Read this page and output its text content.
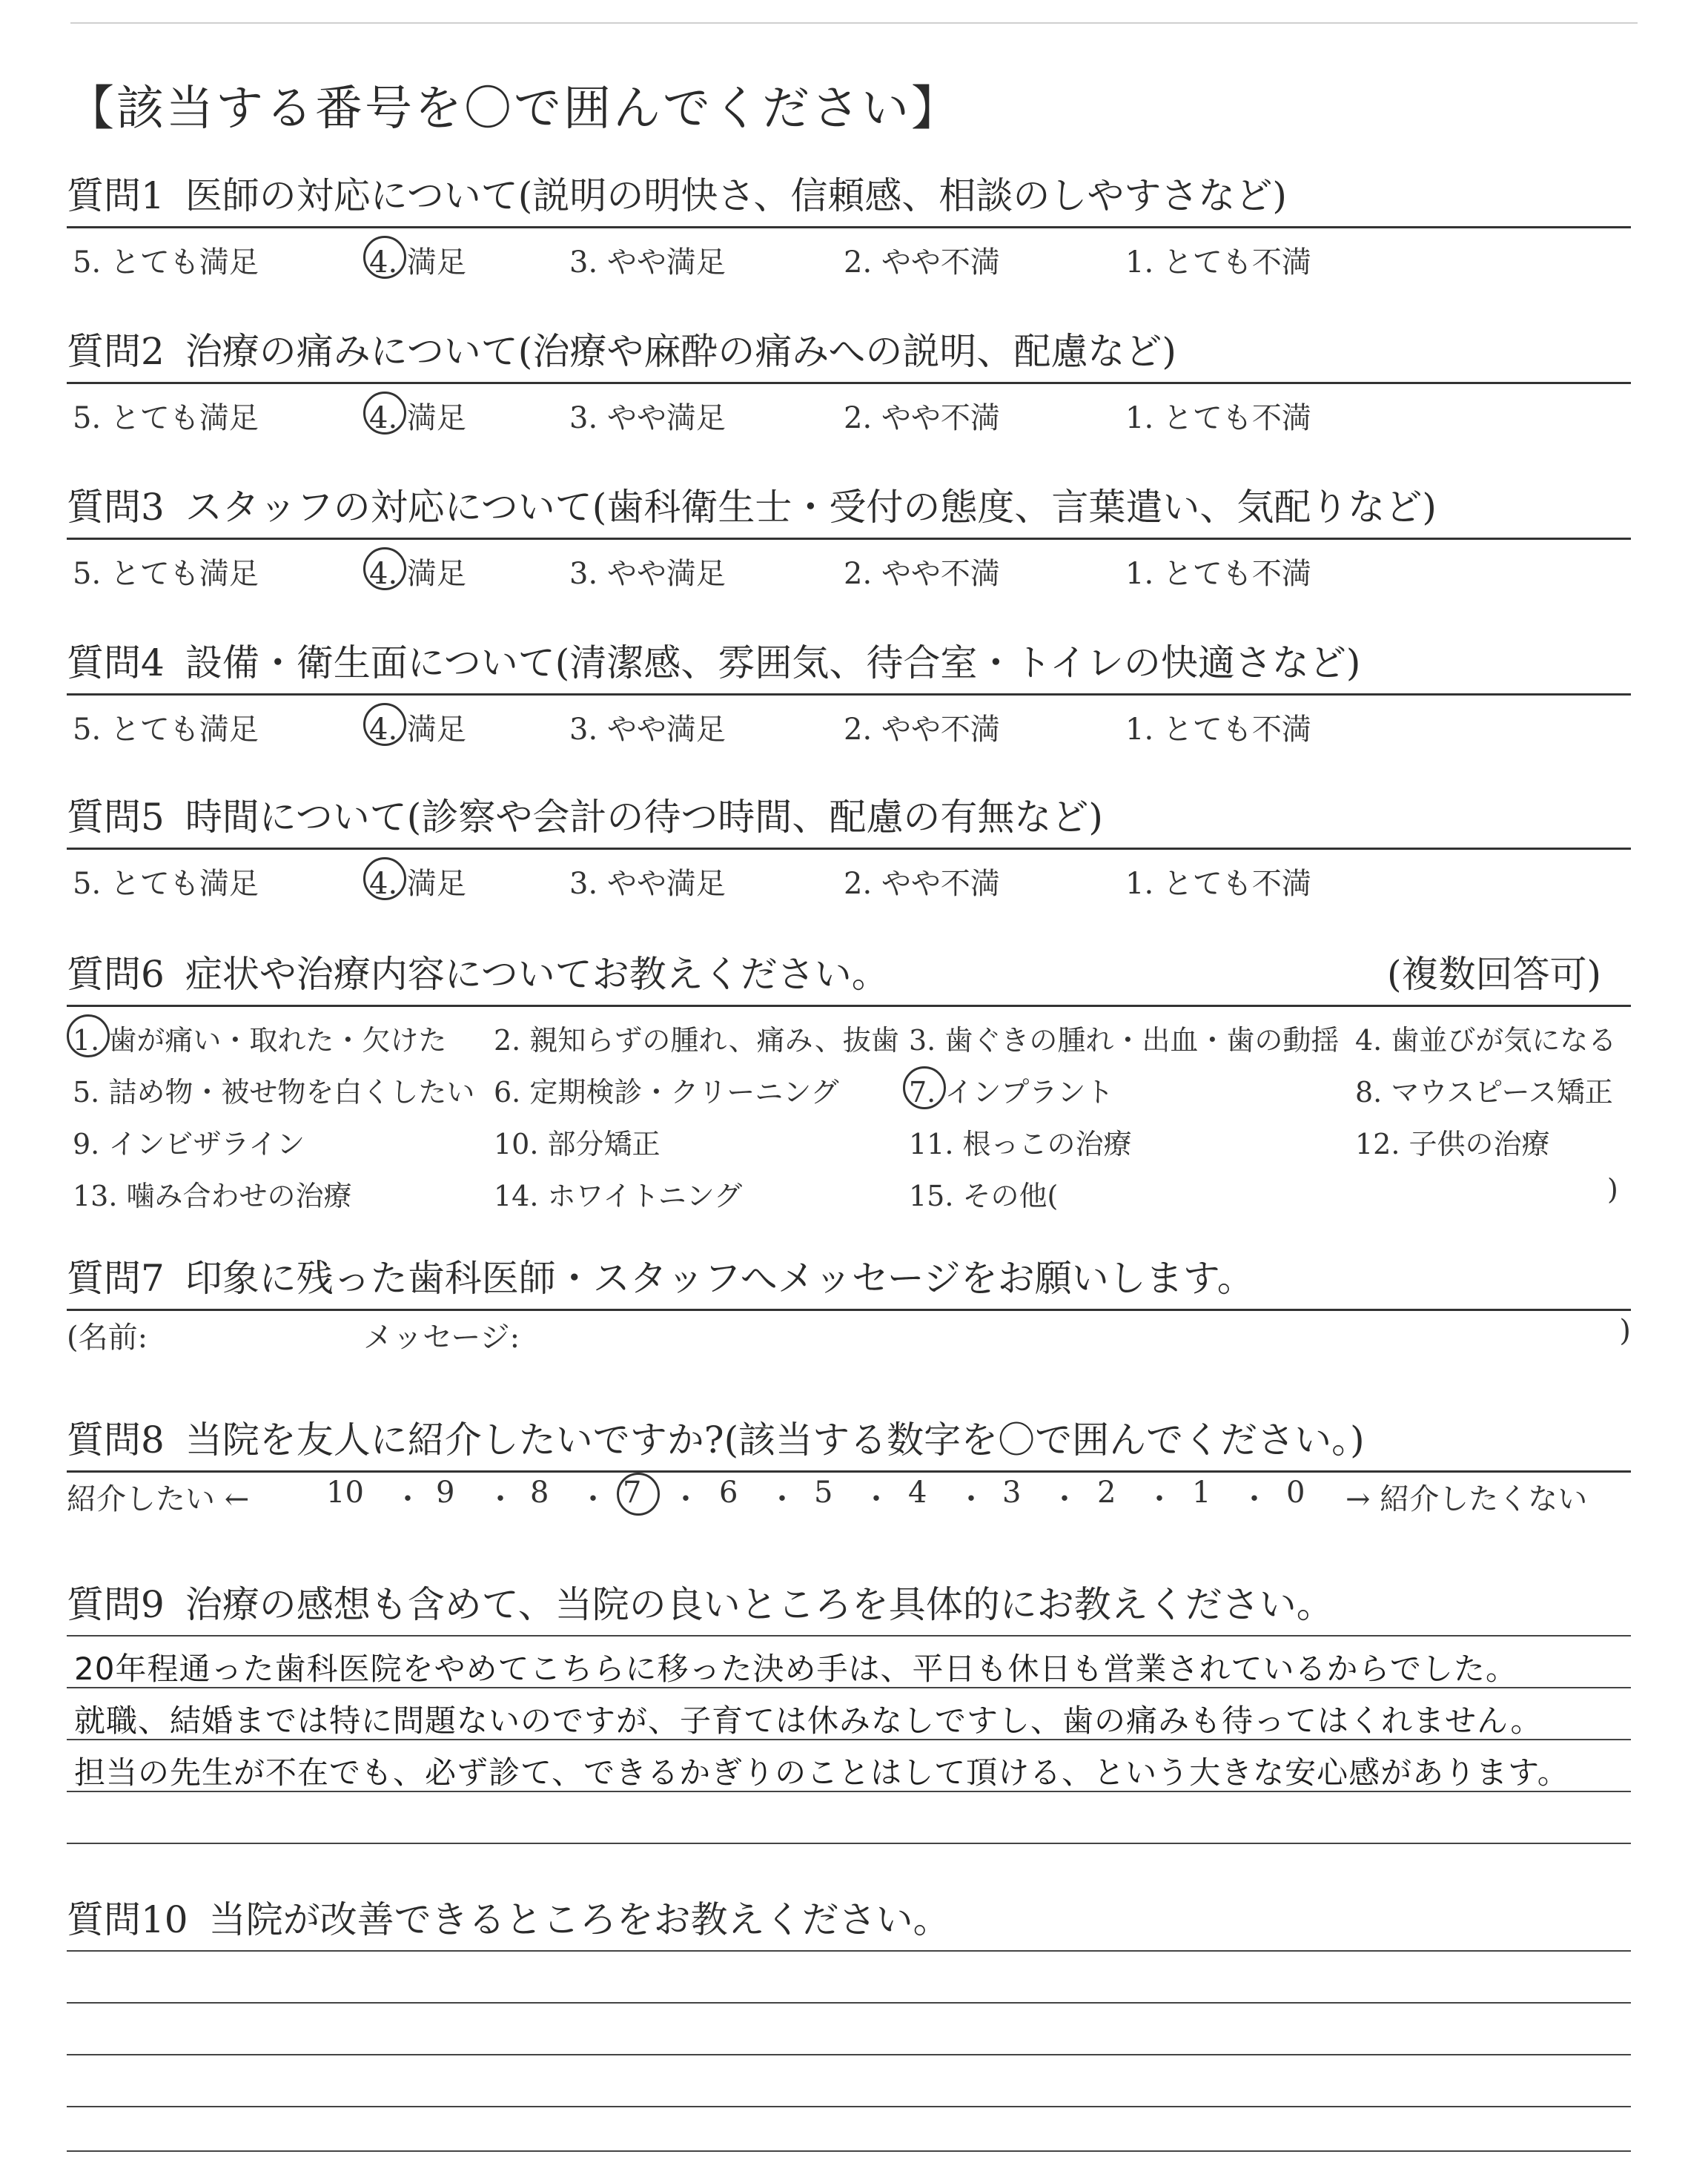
【該当する番号を〇で囲んでください】
質問1 医師の対応について(説明の明快さ、信頼感、相談のしやすさなど)
5. とても満足	4. 満足	3. やや満足	2. やや不満	1. とても不満
質問2 治療の痛みについて(治療や麻酔の痛みへの説明、配慮など)
5. とても満足	4. 満足	3. やや満足	2. やや不満	1. とても不満
質問3 スタッフの対応について(歯科衛生士・受付の態度、言葉遣い、気配りなど)
5. とても満足	4. 満足	3. やや満足	2. やや不満	1. とても不満
質問4 設備・衛生面について(清潔感、雰囲気、待合室・トイレの快適さなど)
5. とても満足	4. 満足	3. やや満足	2. やや不満	1. とても不満
質問5 時間について(診察や会計の待つ時間、配慮の有無など)
5. とても満足	4. 満足	3. やや満足	2. やや不満	1. とても不満
質問6 症状や治療内容についてお教えください。	(複数回答可)
1. 歯が痛い・取れた・欠けた 2. 親知らずの腫れ、痛み、抜歯 3. 歯ぐきの腫れ・出血・歯の動揺 4. 歯並びが気になる
5. 詰め物・被せ物を白くしたい 6. 定期検診・クリーニング 7. インプラント	8. マウスピース矯正
9. インビザライン	10. 部分矯正	11. 根っこの治療	12. 子供の治療
13. 噛み合わせの治療	14. ホワイトニング	15. その他(	)
質問7 印象に残った歯科医師・スタッフへメッセージをお願いします。
(名前:	メッセージ:	)
質問8 当院を友人に紹介したいですか?(該当する数字を〇で囲んでください。)
紹介したい ←	10 ・ 9 ・ 8 ・ 7 ・ 6 ・ 5 ・ 4 ・ 3 ・ 2 ・ 1 ・ 0 → 紹介したくない
質問9 治療の感想も含めて、当院の良いところを具体的にお教えください。
20年程通った歯科医院をやめてこちらに移った決め手は、平日も休日も営業されているからでした。
就職、結婚までは特に問題ないのですが、子育ては休みなしですし、歯の痛みも待ってはくれません。
担当の先生が不在でも、必ず診て、できるかぎりのことはして頂ける、という大きな安心感があります。
質問10 当院が改善できるところをお教えください。
